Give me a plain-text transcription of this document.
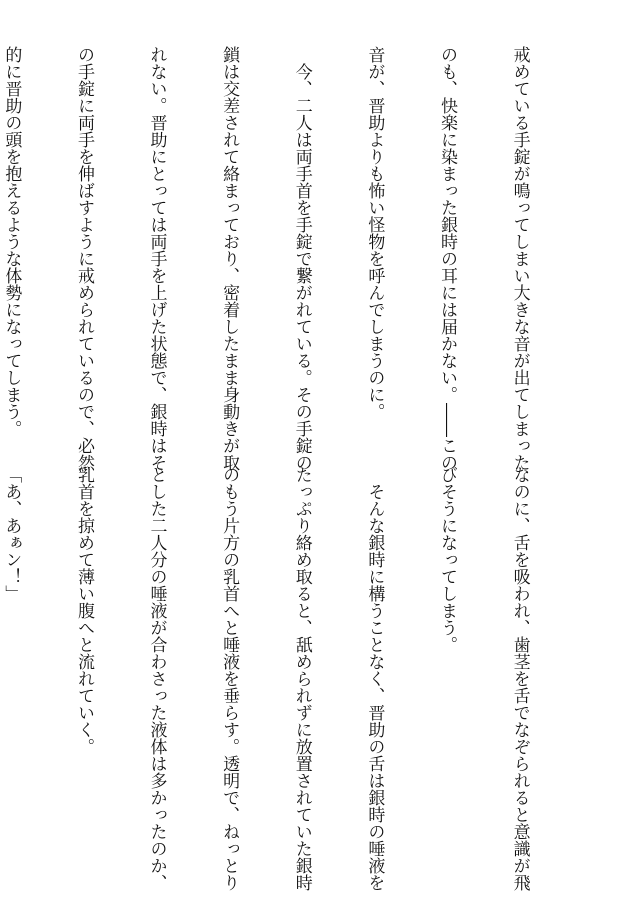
戒めている手錠が鳴ってしまい大きな音が出てしまった

のも、快楽に染まった銀時の耳には届かない。――この

音が、晋助よりも怖い怪物を呼んでしまうのに。

　今、二人は両手首を手錠で繋がれている。その手錠の

鎖は交差されて絡まっており、密着したまま身動きが取

れない。晋助にとっては両手を上げた状態で、銀時はそ

の手錠に両手を伸ばすように戒められているので、必然

的に晋助の頭を抱えるような体勢になってしまう。

なのに、舌を吸われ、歯茎を舌でなぞられると意識が飛

びそうになってしまう。

　そんな銀時に構うことなく、晋助の舌は銀時の唾液を

たっぷり絡め取ると、舐められずに放置されていた銀時

のもう片方の乳首へと唾液を垂らす。透明で、ねっとり

とした二人分の唾液が合わさった液体は多かったのか、

乳首を掠めて薄い腹へと流れていく。

「あ、あぁン！」
